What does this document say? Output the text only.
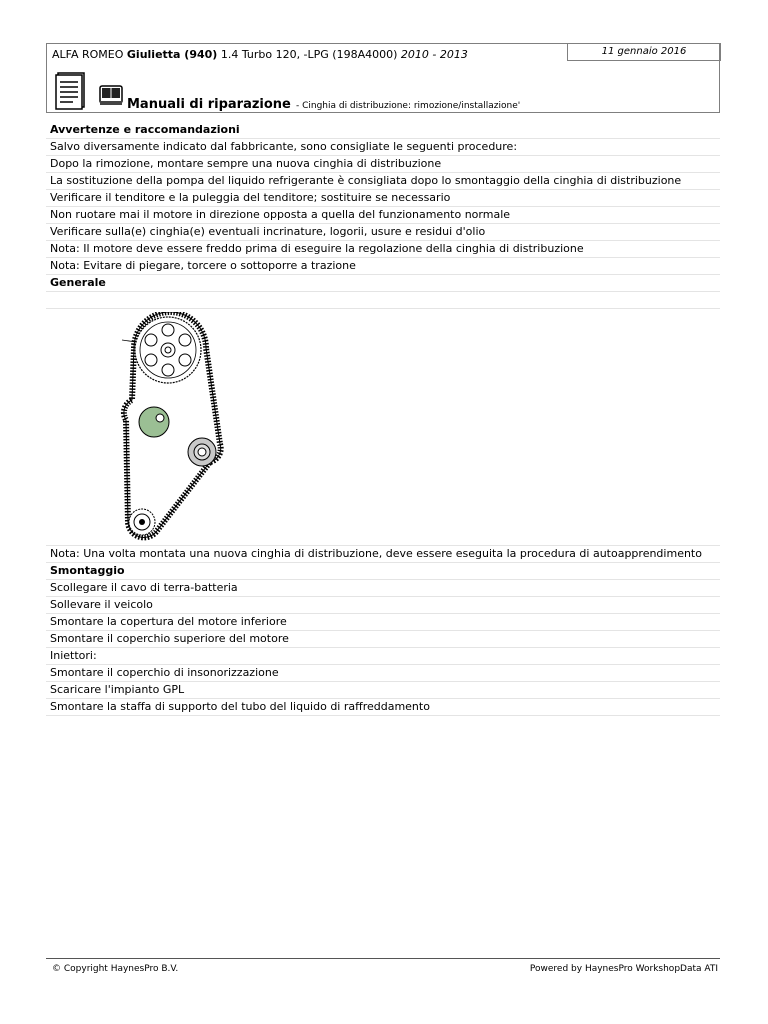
ALFA ROMEO Giulietta (940) 1.4 Turbo 120, -LPG (198A4000) 2010 - 2013	11 gennaio 2016
Manuali di riparazione - Cinghia di distribuzione: rimozione/installazione'
Avvertenze e raccomandazioni
Salvo diversamente indicato dal fabbricante, sono consigliate le seguenti procedure:
Dopo la rimozione, montare sempre una nuova cinghia di distribuzione
La sostituzione della pompa del liquido refrigerante è consigliata dopo lo smontaggio della cinghia di distribuzione
Verificare il tenditore e la puleggia del tenditore; sostituire se necessario
Non ruotare mai il motore in direzione opposta a quella del funzionamento normale
Verificare sulla(e) cinghia(e) eventuali incrinature, logorii, usure e residui d'olio
Nota: Il motore deve essere freddo prima di eseguire la regolazione della cinghia di distribuzione
Nota: Evitare di piegare, torcere o sottoporre a trazione
Generale
Nota: Una volta montata una nuova cinghia di distribuzione, deve essere eseguita la procedura di autoapprendimento
Smontaggio
Scollegare il cavo di terra-batteria
Sollevare il veicolo
Smontare la copertura del motore inferiore
Smontare il coperchio superiore del motore
Iniettori:
Smontare il coperchio di insonorizzazione
Scaricare l'impianto GPL
Smontare la staffa di supporto del tubo del liquido di raffreddamento
© Copyright HaynesPro B.V.	Powered by HaynesPro WorkshopData ATI
